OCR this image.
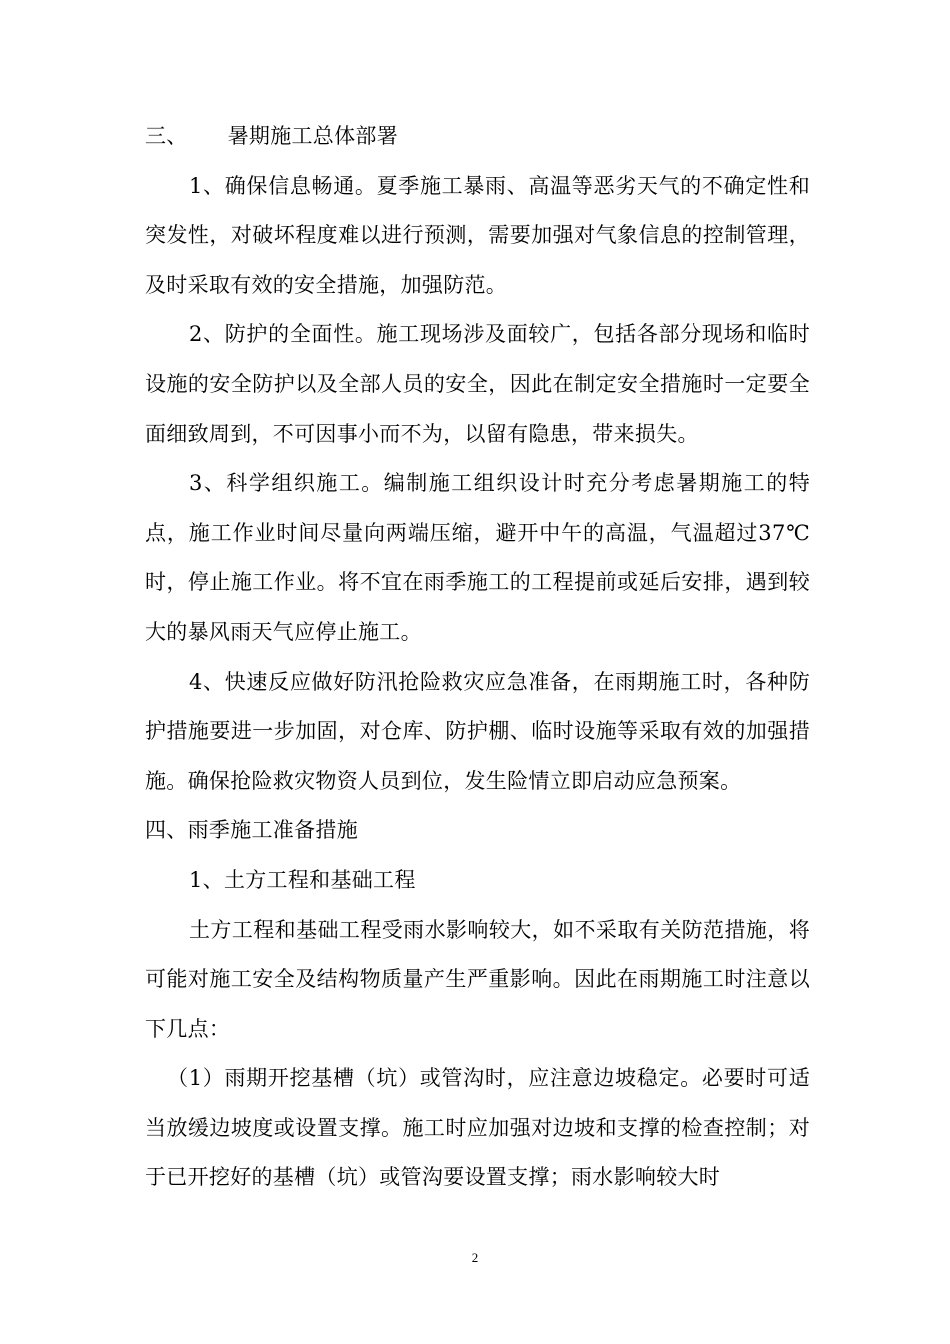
三、 暑期施工总体部署

1、确保信息畅通。夏季施工暴雨、高温等恶劣天气的不确定性和突发性，对破坏程度难以进行预测，需要加强对气象信息的控制管理，及时采取有效的安全措施，加强防范。

2、防护的全面性。施工现场涉及面较广，包括各部分现场和临时设施的安全防护以及全部人员的安全，因此在制定安全措施时一定要全面细致周到，不可因事小而不为，以留有隐患，带来损失。

3、科学组织施工。编制施工组织设计时充分考虑暑期施工的特点，施工作业时间尽量向两端压缩，避开中午的高温，气温超过37℃时，停止施工作业。将不宜在雨季施工的工程提前或延后安排，遇到较大的暴风雨天气应停止施工。

4、快速反应做好防汛抢险救灾应急准备，在雨期施工时，各种防护措施要进一步加固，对仓库、防护棚、临时设施等采取有效的加强措施。确保抢险救灾物资人员到位，发生险情立即启动应急预案。

四、雨季施工准备措施

1、土方工程和基础工程

土方工程和基础工程受雨水影响较大，如不采取有关防范措施，将可能对施工安全及结构物质量产生严重影响。因此在雨期施工时注意以下几点：

（1）雨期开挖基槽（坑）或管沟时，应注意边坡稳定。必要时可适当放缓边坡度或设置支撑。施工时应加强对边坡和支撑的检查控制；对于已开挖好的基槽（坑）或管沟要设置支撑；雨水影响较大时

2
